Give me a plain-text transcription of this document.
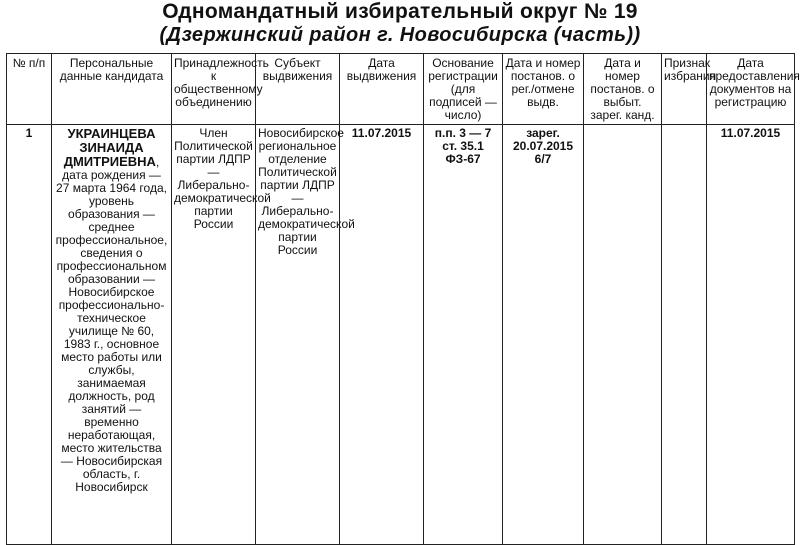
Одномандатный избирательный округ № 19
(Дзержинский район г. Новосибирска (часть))
№ п/п	Персональные данные кандидата	Принадлежность к общественному объединению	Субъект выдвижения	Дата выдвижения	Основание регистрации (для подписей — число)	Дата и номер постанов. о рег./отмене выдв.	Дата и номер постанов. о выбыт. зарег. канд.	Признак избрания	Дата предоставления документов на регистрацию
1	УКРАИНЦЕВА ЗИНАИДА ДМИТРИЕВНА, дата рождения — 27 марта 1964 года, уровень образования — среднее профессиональное, сведения о профессиональном образовании — Новосибирское профессионально-техническое училище № 60, 1983 г., основное место работы или службы, занимаемая должность, род занятий — временно неработающая, место жительства — Новосибирская область, г. Новосибирск	Член Политической партии ЛДПР — Либерально-демократической партии России	Новосибирское региональное отделение Политической партии ЛДПР — Либерально-демократической партии России	11.07.2015	п.п. 3 — 7 ст. 35.1 ФЗ-67	зарег. 20.07.2015 6/7			11.07.2015
